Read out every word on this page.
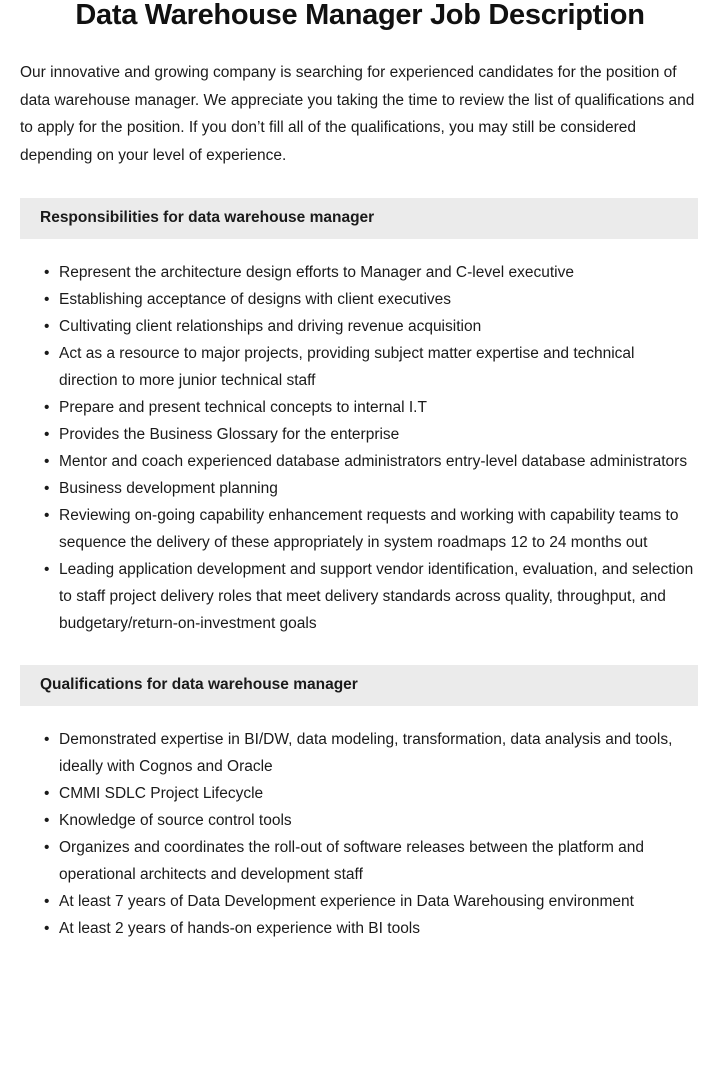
Data Warehouse Manager Job Description

Our innovative and growing company is searching for experienced candidates for the position of data warehouse manager. We appreciate you taking the time to review the list of qualifications and to apply for the position. If you don’t fill all of the qualifications, you may still be considered depending on your level of experience.

Responsibilities for data warehouse manager
• Represent the architecture design efforts to Manager and C-level executive
• Establishing acceptance of designs with client executives
• Cultivating client relationships and driving revenue acquisition
• Act as a resource to major projects, providing subject matter expertise and technical direction to more junior technical staff
• Prepare and present technical concepts to internal I.T
• Provides the Business Glossary for the enterprise
• Mentor and coach experienced database administrators entry-level database administrators
• Business development planning
• Reviewing on-going capability enhancement requests and working with capability teams to sequence the delivery of these appropriately in system roadmaps 12 to 24 months out
• Leading application development and support vendor identification, evaluation, and selection to staff project delivery roles that meet delivery standards across quality, throughput, and budgetary/return-on-investment goals
Qualifications for data warehouse manager
• Demonstrated expertise in BI/DW, data modeling, transformation, data analysis and tools, ideally with Cognos and Oracle
• CMMI SDLC Project Lifecycle
• Knowledge of source control tools
• Organizes and coordinates the roll-out of software releases between the platform and operational architects and development staff
• At least 7 years of Data Development experience in Data Warehousing environment
• At least 2 years of hands-on experience with BI tools
